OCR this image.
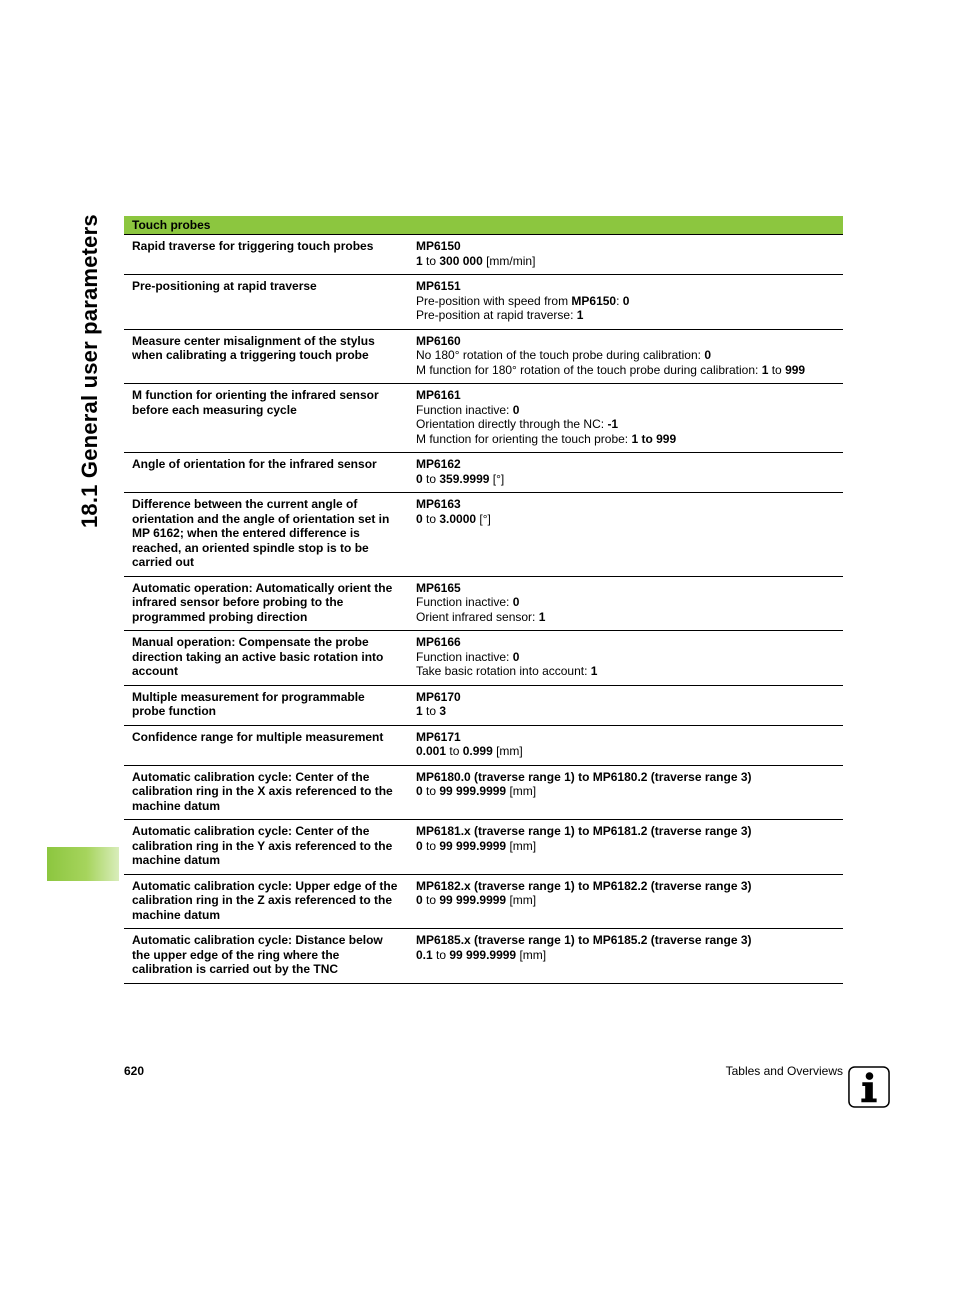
18.1 General user parameters	Touch probes	
Rapid traverse for triggering touch probes	MP6150
1 to 300 000 [mm/min]

Pre-positioning at rapid traverse	MP6151
Pre-position with speed from MP6150: 0
Pre-position at rapid traverse: 1

Measure center misalignment of the stylus when calibrating a triggering touch probe	MP6160
No 180° rotation of the touch probe during calibration: 0
M function for 180° rotation of the touch probe during calibration: 1 to 999

M function for orienting the infrared sensor before each measuring cycle	MP6161
Function inactive: 0
Orientation directly through the NC: -1
M function for orienting the touch probe: 1 to 999

Angle of orientation for the infrared sensor	MP6162
0 to 359.9999 [°]

Difference between the current angle of orientation and the angle of orientation set in MP 6162; when the entered difference is reached, an oriented spindle stop is to be carried out	MP6163
0 to 3.0000 [°]

Automatic operation: Automatically orient the infrared sensor before probing to the programmed probing direction	MP6165
Function inactive: 0
Orient infrared sensor: 1

Manual operation: Compensate the probe direction taking an active basic rotation into account	MP6166
Function inactive: 0
Take basic rotation into account: 1

Multiple measurement for programmable probe function	MP6170
1 to 3

Confidence range for multiple measurement	MP6171
0.001 to 0.999 [mm]

Automatic calibration cycle: Center of the calibration ring in the X axis referenced to the machine datum	MP6180.0 (traverse range 1) to MP6180.2 (traverse range 3)
0 to 99 999.9999 [mm]

Automatic calibration cycle: Center of the calibration ring in the Y axis referenced to the machine datum	MP6181.x (traverse range 1) to MP6181.2 (traverse range 3)
0 to 99 999.9999 [mm]

Automatic calibration cycle: Upper edge of the calibration ring in the Z axis referenced to the machine datum	MP6182.x (traverse range 1) to MP6182.2 (traverse range 3)
0 to 99 999.9999 [mm]

Automatic calibration cycle: Distance below the upper edge of the ring where the calibration is carried out by the TNC	MP6185.x (traverse range 1) to MP6185.2 (traverse range 3)
0.1 to 99 999.9999 [mm]
620	Tables and Overviews
